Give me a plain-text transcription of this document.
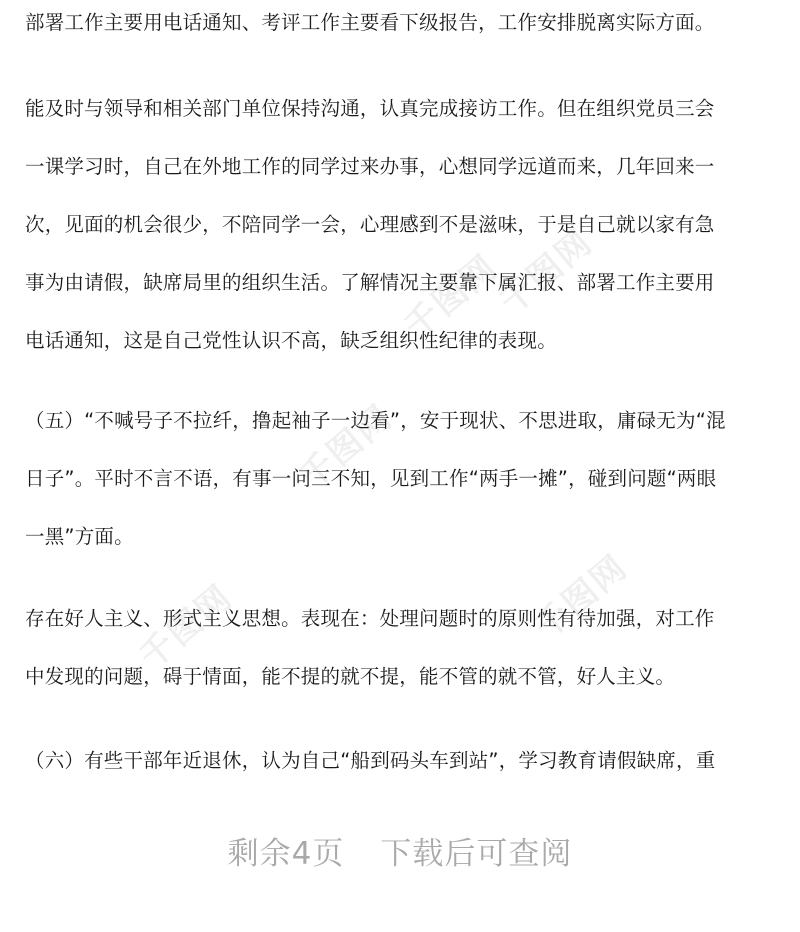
千图网
千图网
千图网
千图网	千图网
部署工作主要用电话通知、考评工作主要看下级报告，工作安排脱离实际方面。
能及时与领导和相关部门单位保持沟通，认真完成接访工作。但在组织党员三会
一课学习时，自己在外地工作的同学过来办事，心想同学远道而来，几年回来一
次，见面的机会很少，不陪同学一会，心理感到不是滋味，于是自己就以家有急
事为由请假，缺席局里的组织生活。了解情况主要靠下属汇报、部署工作主要用
电话通知，这是自己党性认识不高，缺乏组织性纪律的表现。
（五）“不喊号子不拉纤，撸起袖子一边看”，安于现状、不思进取，庸碌无为“混
日子”。平时不言不语，有事一问三不知，见到工作“两手一摊”，碰到问题“两眼
一黑”方面。
存在好人主义、形式主义思想。表现在：处理问题时的原则性有待加强，对工作
中发现的问题，碍于情面，能不提的就不提，能不管的就不管，好人主义。
（六）有些干部年近退休，认为自己“船到码头车到站”，学习教育请假缺席，重
剩余4页 下载后可查阅
